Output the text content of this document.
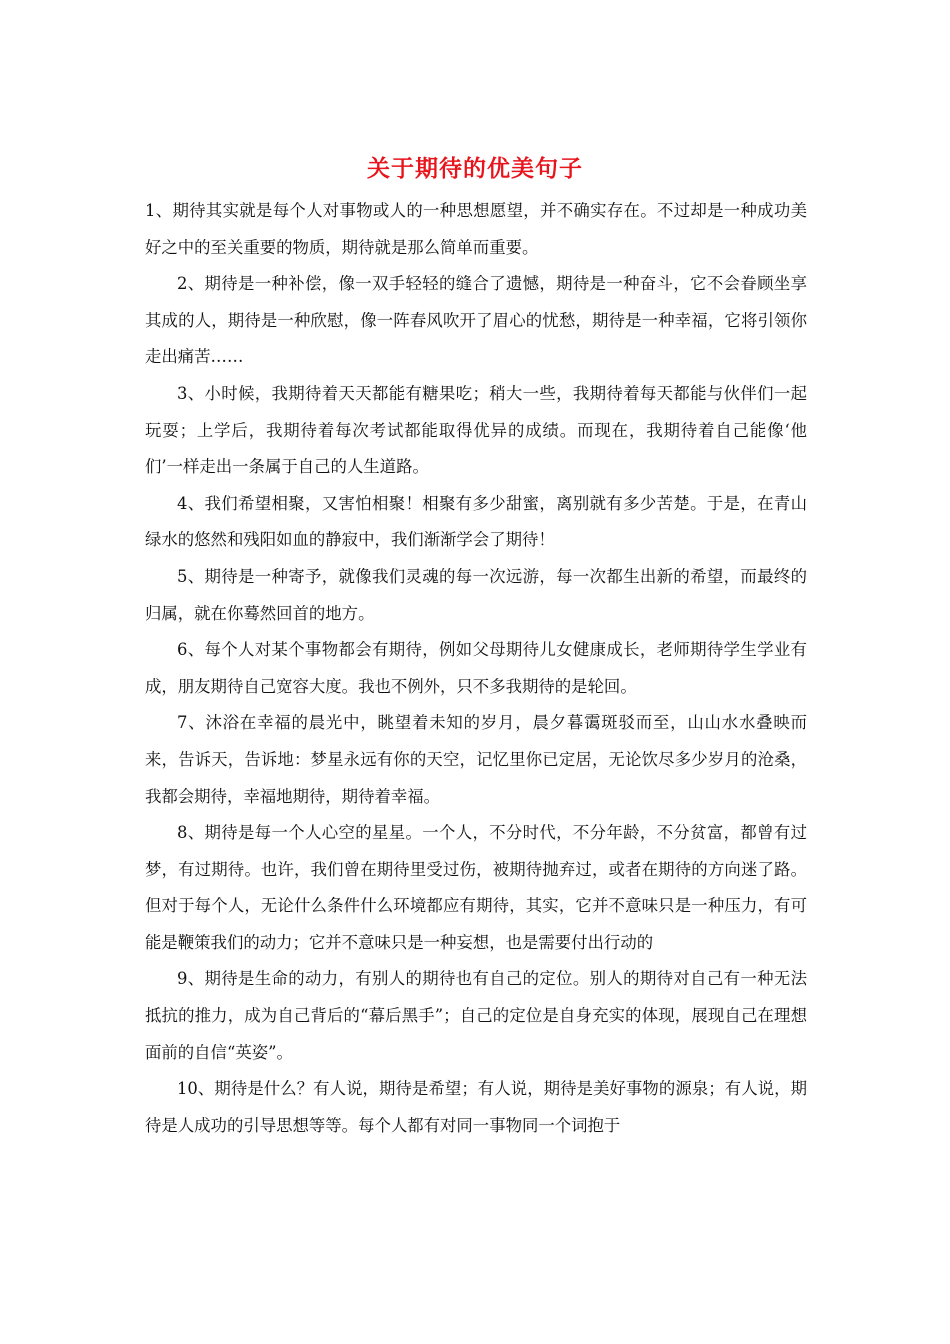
关于期待的优美句子

1、期待其实就是每个人对事物或人的一种思想愿望，并不确实存在。不过却是一种成功美好之中的至关重要的物质，期待就是那么简单而重要。

2、期待是一种补偿，像一双手轻轻的缝合了遗憾，期待是一种奋斗，它不会眷顾坐享其成的人，期待是一种欣慰，像一阵春风吹开了眉心的忧愁，期待是一种幸福，它将引领你走出痛苦……

3、小时候，我期待着天天都能有糖果吃；稍大一些，我期待着每天都能与伙伴们一起玩耍；上学后，我期待着每次考试都能取得优异的成绩。而现在，我期待着自己能像‘他们’一样走出一条属于自己的人生道路。

4、我们希望相聚，又害怕相聚！相聚有多少甜蜜，离别就有多少苦楚。于是，在青山绿水的悠然和残阳如血的静寂中，我们渐渐学会了期待！

5、期待是一种寄予，就像我们灵魂的每一次远游，每一次都生出新的希望，而最终的归属，就在你蓦然回首的地方。

6、每个人对某个事物都会有期待，例如父母期待儿女健康成长，老师期待学生学业有成，朋友期待自己宽容大度。我也不例外，只不多我期待的是轮回。

7、沐浴在幸福的晨光中，眺望着未知的岁月，晨夕暮霭斑驳而至，山山水水叠映而来，告诉天，告诉地：梦星永远有你的天空，记忆里你已定居，无论饮尽多少岁月的沧桑，我都会期待，幸福地期待，期待着幸福。

8、期待是每一个人心空的星星。一个人，不分时代，不分年龄，不分贫富，都曾有过梦，有过期待。也许，我们曾在期待里受过伤，被期待抛弃过，或者在期待的方向迷了路。但对于每个人，无论什么条件什么环境都应有期待，其实，它并不意味只是一种压力，有可能是鞭策我们的动力；它并不意味只是一种妄想，也是需要付出行动的

9、期待是生命的动力，有别人的期待也有自己的定位。别人的期待对自己有一种无法抵抗的推力，成为自己背后的“幕后黑手”；自己的定位是自身充实的体现，展现自己在理想面前的自信“英姿”。

10、期待是什么？有人说，期待是希望；有人说，期待是美好事物的源泉；有人说，期待是人成功的引导思想等等。每个人都有对同一事物同一个词抱于
